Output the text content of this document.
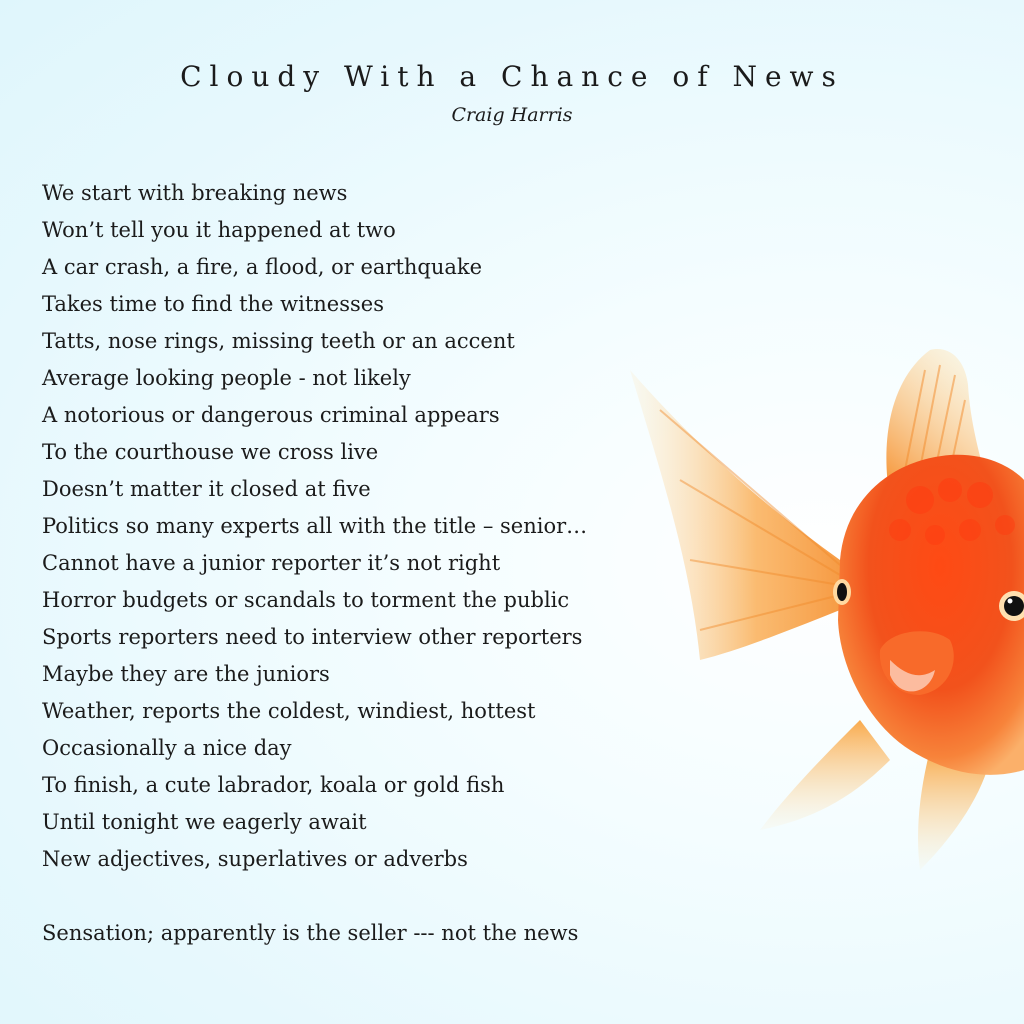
Cloudy With a Chance of News
Craig Harris
We start with breaking news
Won’t tell you it happened at two
A car crash, a fire, a flood, or earthquake
Takes time to find the witnesses
Tatts, nose rings, missing teeth or an accent
Average looking people - not likely
A notorious or dangerous criminal appears
To the courthouse we cross live
Doesn’t matter it closed at five
Politics so many experts all with the title – senior…
Cannot have a junior reporter it’s not right
Horror budgets or scandals to torment the public
Sports reporters need to interview other reporters
Maybe they are the juniors
Weather, reports the coldest, windiest, hottest
Occasionally a nice day
To finish, a cute labrador, koala or gold fish
Until tonight we eagerly await
New adjectives, superlatives or adverbs
Sensation; apparently is the seller --- not the news
